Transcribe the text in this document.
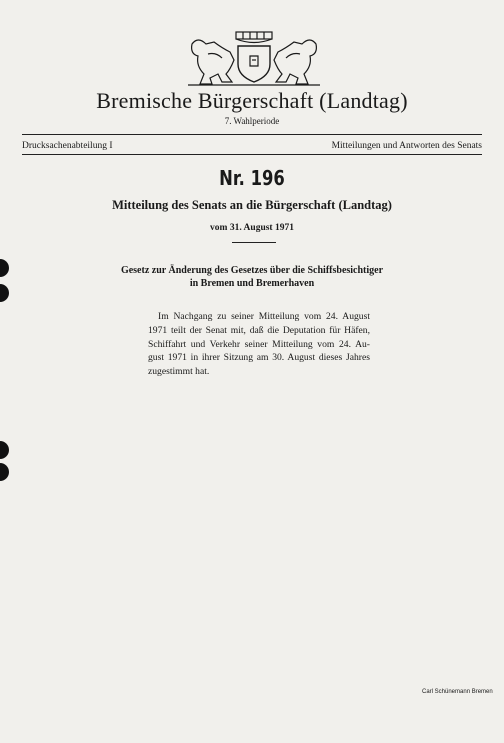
Bremische Bürgerschaft (Landtag)
7. Wahlperiode
Drucksachenabteilung I	Mitteilungen und Antworten des Senats
Nr. 196
Mitteilung des Senats an die Bürgerschaft (Landtag)
vom 31. August 1971
Gesetz zur Änderung des Gesetzes über die Schiffsbesichtiger
in Bremen und Bremerhaven
Im Nachgang zu seiner Mitteilung vom 24. August
1971 teilt der Senat mit, daß die Deputation für Häfen,
Schiffahrt und Verkehr seiner Mitteilung vom 24. Au-
gust 1971 in ihrer Sitzung am 30. August dieses Jahres
zugestimmt hat.
Carl Schünemann Bremen
